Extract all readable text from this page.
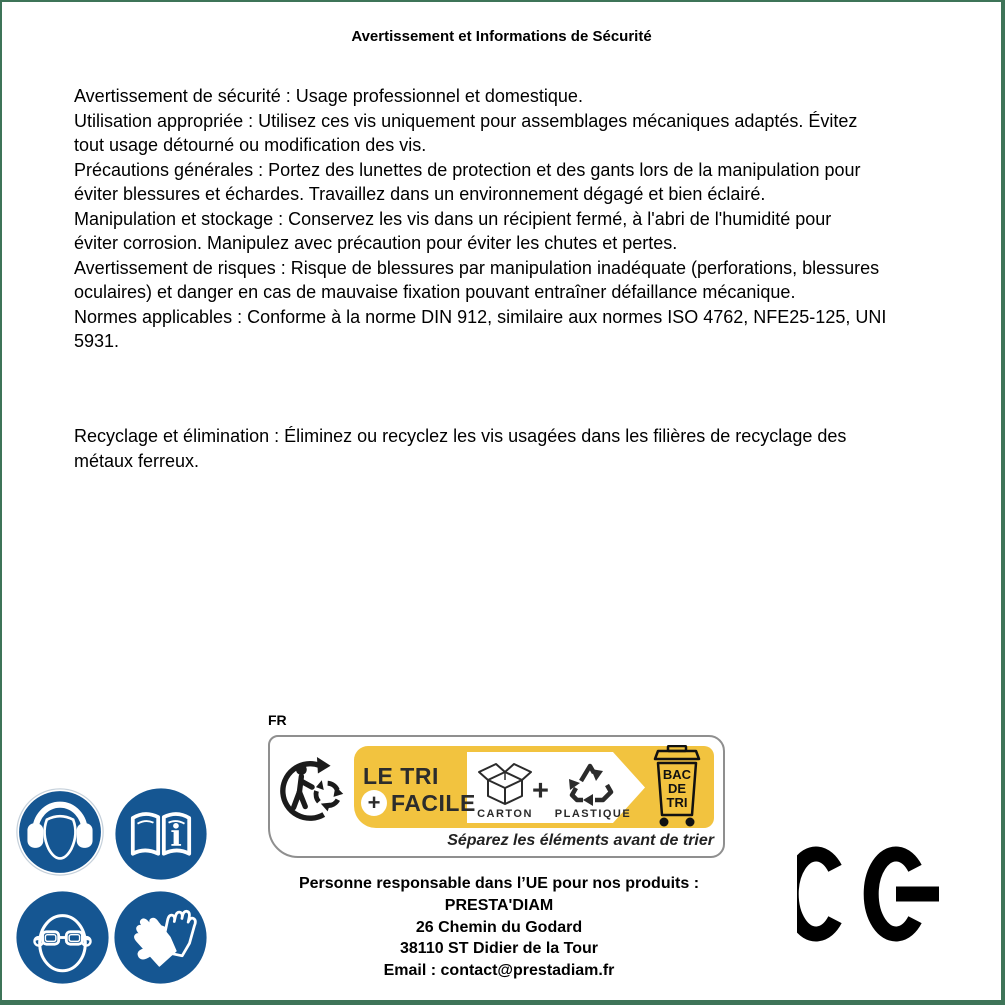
Avertissement et Informations de Sécurité
Avertissement de sécurité : Usage professionnel et domestique.
Utilisation appropriée : Utilisez ces vis uniquement pour assemblages mécaniques adaptés. Évitez
tout usage détourné ou modification des vis.
Précautions générales : Portez des lunettes de protection et des gants lors de la manipulation pour
éviter blessures et échardes. Travaillez dans un environnement dégagé et bien éclairé.
Manipulation et stockage : Conservez les vis dans un récipient fermé, à l'abri de l'humidité pour
éviter corrosion. Manipulez avec précaution pour éviter les chutes et pertes.
Avertissement de risques : Risque de blessures par manipulation inadéquate (perforations, blessures
oculaires) et danger en cas de mauvaise fixation pouvant entraîner défaillance mécanique.
Normes applicables : Conforme à la norme DIN 912, similaire aux normes ISO 4762, NFE25-125, UNI
5931.
Recyclage et élimination : Éliminez ou recyclez les vis usagées dans les filières de recyclage des
métaux ferreux.
FR
LE TRI
+ FACILE CARTON
+
PLASTIQUE
BAC
DE
TRI
Séparez les éléments avant de trier
i
Personne responsable dans l’UE pour nos produits :
PRESTA'DIAM
26 Chemin du Godard
38110 ST Didier de la Tour
Email : contact@prestadiam.fr
